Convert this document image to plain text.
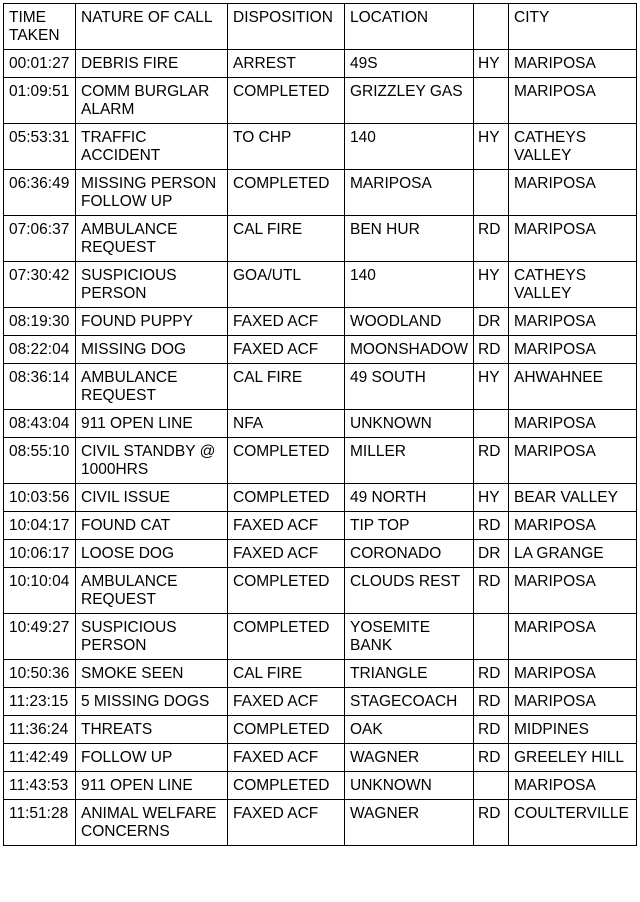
TIME TAKEN	NATURE OF CALL	DISPOSITION	LOCATION		CITY
00:01:27	DEBRIS FIRE	ARREST	49S	HY	MARIPOSA
01:09:51	COMM BURGLAR ALARM	COMPLETED	GRIZZLEY GAS		MARIPOSA
05:53:31	TRAFFIC ACCIDENT	TO CHP	140	HY	CATHEYS VALLEY
06:36:49	MISSING PERSON FOLLOW UP	COMPLETED	MARIPOSA		MARIPOSA
07:06:37	AMBULANCE REQUEST	CAL FIRE	BEN HUR	RD	MARIPOSA
07:30:42	SUSPICIOUS PERSON	GOA/UTL	140	HY	CATHEYS VALLEY
08:19:30	FOUND PUPPY	FAXED ACF	WOODLAND	DR	MARIPOSA
08:22:04	MISSING DOG	FAXED ACF	MOONSHADOW	RD	MARIPOSA
08:36:14	AMBULANCE REQUEST	CAL FIRE	49 SOUTH	HY	AHWAHNEE
08:43:04	911 OPEN LINE	NFA	UNKNOWN		MARIPOSA
08:55:10	CIVIL STANDBY @ 1000HRS	COMPLETED	MILLER	RD	MARIPOSA
10:03:56	CIVIL ISSUE	COMPLETED	49 NORTH	HY	BEAR VALLEY
10:04:17	FOUND CAT	FAXED ACF	TIP TOP	RD	MARIPOSA
10:06:17	LOOSE DOG	FAXED ACF	CORONADO	DR	LA GRANGE
10:10:04	AMBULANCE REQUEST	COMPLETED	CLOUDS REST	RD	MARIPOSA
10:49:27	SUSPICIOUS PERSON	COMPLETED	YOSEMITE BANK		MARIPOSA
10:50:36	SMOKE SEEN	CAL FIRE	TRIANGLE	RD	MARIPOSA
11:23:15	5 MISSING DOGS	FAXED ACF	STAGECOACH	RD	MARIPOSA
11:36:24	THREATS	COMPLETED	OAK	RD	MIDPINES
11:42:49	FOLLOW UP	FAXED ACF	WAGNER	RD	GREELEY HILL
11:43:53	911 OPEN LINE	COMPLETED	UNKNOWN		MARIPOSA
11:51:28	ANIMAL WELFARE CONCERNS	FAXED ACF	WAGNER	RD	COULTERVILLE
